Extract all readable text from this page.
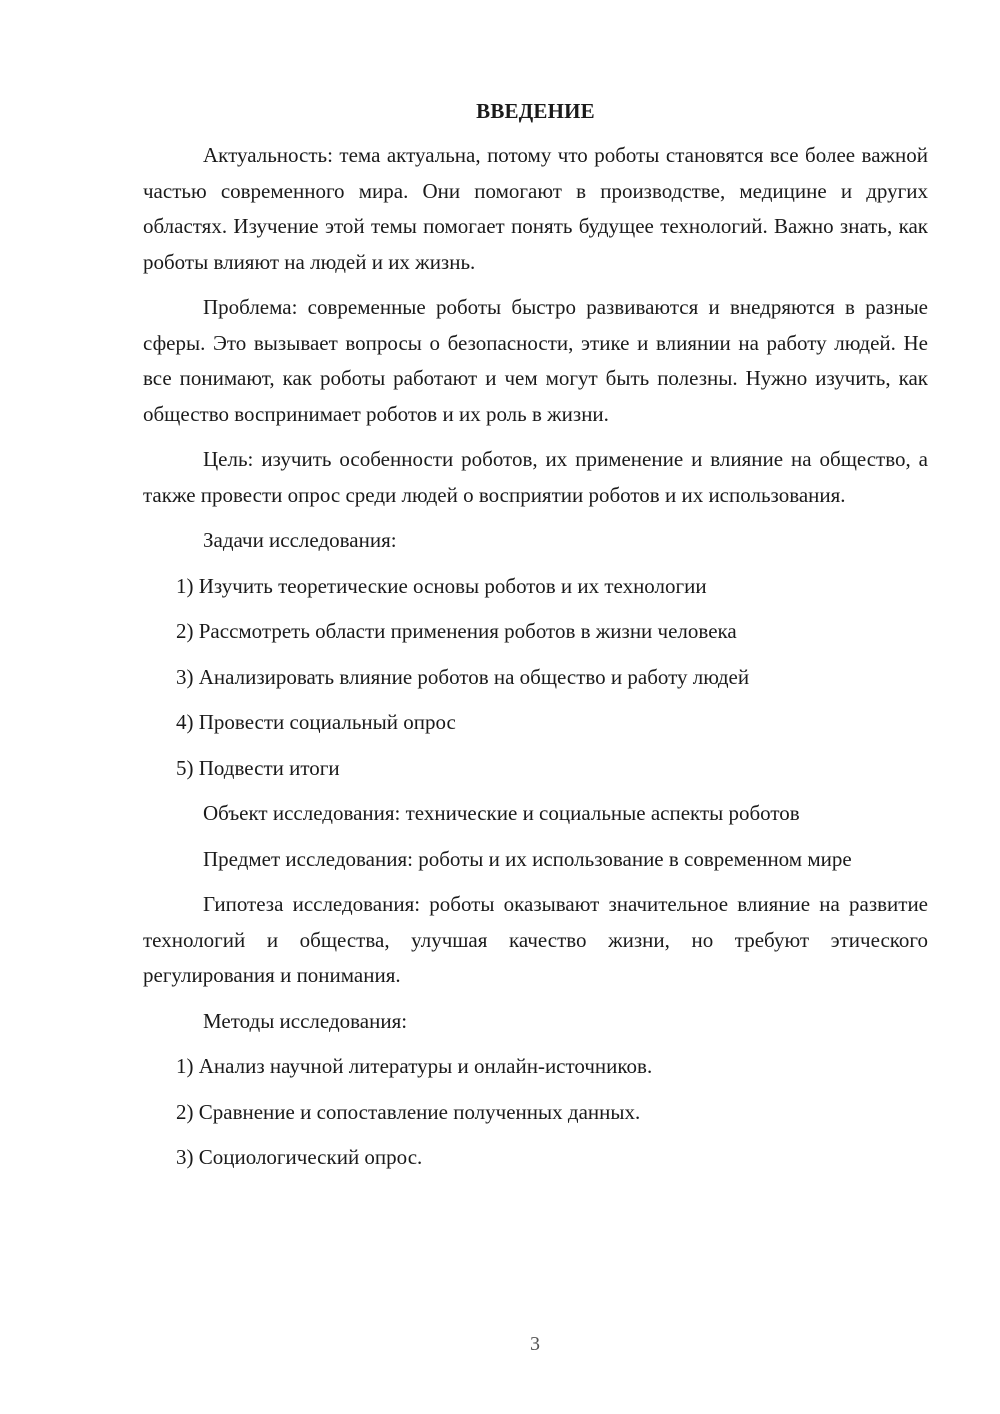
ВВЕДЕНИЕ

Актуальность: тема актуальна, потому что роботы становятся все более важной частью современного мира. Они помогают в производстве, медицине и других областях. Изучение этой темы помогает понять будущее технологий. Важно знать, как роботы влияют на людей и их жизнь.

Проблема: современные роботы быстро развиваются и внедряются в разные сферы. Это вызывает вопросы о безопасности, этике и влиянии на работу людей. Не все понимают, как роботы работают и чем могут быть полезны. Нужно изучить, как общество воспринимает роботов и их роль в жизни.

Цель: изучить особенности роботов, их применение и влияние на общество, а также провести опрос среди людей о восприятии роботов и их использования.

Задачи исследования:

1) Изучить теоретические основы роботов и их технологии
2) Рассмотреть области применения роботов в жизни человека
3) Анализировать влияние роботов на общество и работу людей
4) Провести социальный опрос
5) Подвести итоги

Объект исследования: технические и социальные аспекты роботов

Предмет исследования: роботы и их использование в современном мире

Гипотеза исследования: роботы оказывают значительное влияние на развитие технологий и общества, улучшая качество жизни, но требуют этического регулирования и понимания.

Методы исследования:

1) Анализ научной литературы и онлайн-источников.
2) Сравнение и сопоставление полученных данных.
3) Социологический опрос.
3
